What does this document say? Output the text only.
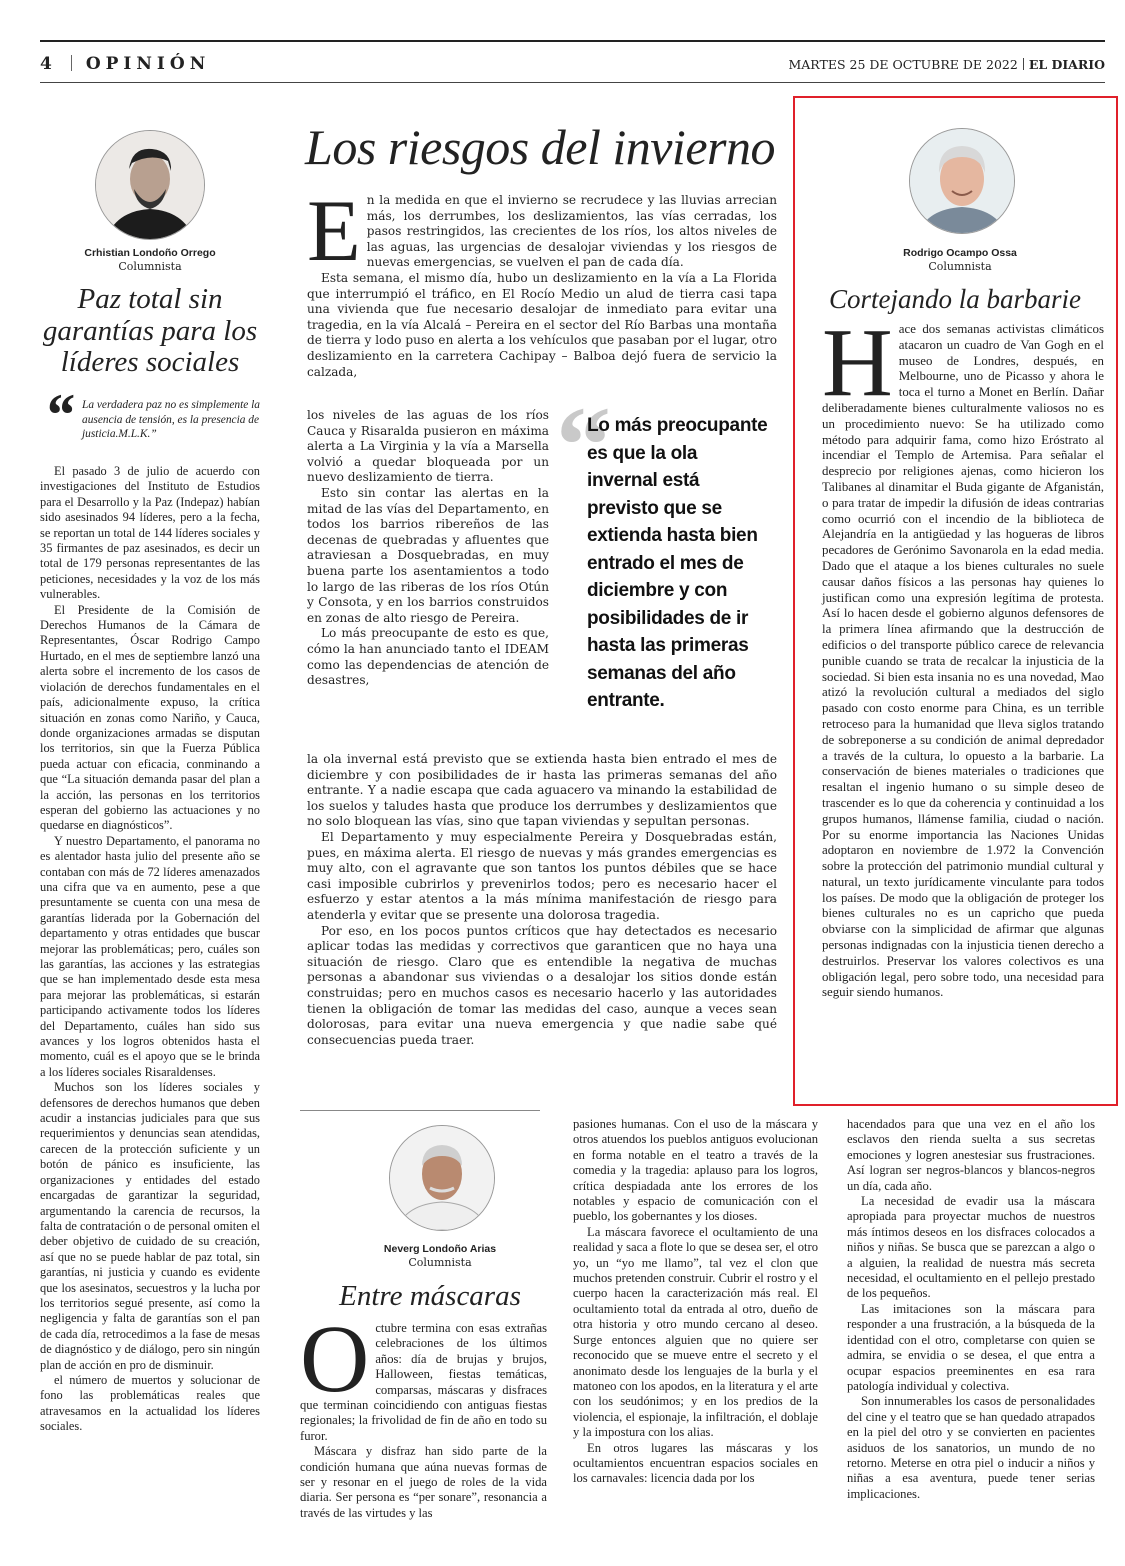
4 OPINIÓN	MARTES 25 DE OCTUBRE DE 2022 EL DIARIO
Crhistian Londoño Orrego
Columnista
Paz total sin garantías para los líderes sociales
“ La verdadera paz no es simplemente la ausencia de tensión, es la presencia de justicia.M.L.K.”

El pasado 3 de julio de acuerdo con investigaciones del Instituto de Estudios para el Desarrollo y la Paz (Indepaz) habían sido asesinados 94 líderes, pero a la fecha, se reportan un total de 144 líderes sociales y 35 firmantes de paz asesinados, es decir un total de 179 personas representantes de las peticiones, necesidades y la voz de los más vulnerables.

El Presidente de la Comisión de Derechos Humanos de la Cámara de Representantes, Óscar Rodrigo Campo Hurtado, en el mes de septiembre lanzó una alerta sobre el incremento de los casos de violación de derechos fundamentales en el país, adicionalmente expuso, la crítica situación en zonas como Nariño, y Cauca, donde organizaciones armadas se disputan los territorios, sin que la Fuerza Pública pueda actuar con eficacia, conminando a que “La situación demanda pasar del plan a la acción, las personas en los territorios esperan del gobierno las actuaciones y no quedarse en diagnósticos”.

Y nuestro Departamento, el panorama no es alentador hasta julio del presente año se contaban con más de 72 líderes amenazados una cifra que va en aumento, pese a que presuntamente se cuenta con una mesa de garantías liderada por la Gobernación del departamento y otras entidades que buscar mejorar las problemáticas; pero, cuáles son las garantías, las acciones y las estrategias que se han implementado desde esta mesa para mejorar las problemáticas, si estarán participando activamente todos los líderes del Departamento, cuáles han sido sus avances y los logros obtenidos hasta el momento, cuál es el apoyo que se le brinda a los líderes sociales Risaraldenses.

Muchos son los líderes sociales y defensores de derechos humanos que deben acudir a instancias judiciales para que sus requerimientos y denuncias sean atendidas, carecen de la protección suficiente y un botón de pánico es insuficiente, las organizaciones y entidades del estado encargadas de garantizar la seguridad, argumentando la carencia de recursos, la falta de contratación o de personal omiten el deber objetivo de cuidado de su creación, así que no se puede hablar de paz total, sin garantías, ni justicia y cuando es evidente que los asesinatos, secuestros y la lucha por los territorios segué presente, así como la negligencia y falta de garantías son el pan de cada día, retrocedimos a la fase de mesas de diagnóstico y de diálogo, pero sin ningún plan de acción en pro de disminuir.

el número de muertos y solucionar de fono las problemáticas reales que atravesamos en la actualidad los líderes sociales.

Los riesgos del invierno
E n la medida en que el invierno se recrudece y las lluvias arrecian más, los derrumbes, los deslizamientos, las vías cerradas, los pasos restringidos, las crecientes de los ríos, los altos niveles de las aguas, las urgencias de desalojar viviendas y los riesgos de nuevas emergencias, se vuelven el pan de cada día.

Esta semana, el mismo día, hubo un deslizamiento en la vía a La Florida que interrumpió el tráfico, en El Rocío Medio un alud de tierra casi tapa una vivienda que fue necesario desalojar de inmediato para evitar una tragedia, en la vía Alcalá – Pereira en el sector del Río Barbas una montaña de tierra y lodo puso en alerta a los vehículos que pasaban por el lugar, otro deslizamiento en la carretera Cachipay – Balboa dejó fuera de servicio la calzada,

los niveles de las aguas de los ríos Cauca y Risaralda pusieron en máxima alerta a La Virginia y la vía a Marsella volvió a quedar bloqueada por un nuevo deslizamiento de tierra.

Esto sin contar las alertas en la mitad de las vías del Departamento, en todos los barrios ribereños de las decenas de quebradas y afluentes que atraviesan a Dosquebradas, en muy buena parte los asentamientos a todo lo largo de las riberas de los ríos Otún y Consota, y en los barrios construidos en zonas de alto riesgo de Pereira.

Lo más preocupante de esto es que, cómo la han anunciado tanto el IDEAM como las dependencias de atención de desastres,

“
Lo más preocupante es que la ola invernal está previsto que se extienda hasta bien entrado el mes de diciembre y con posibilidades de ir hasta las primeras semanas del año entrante.

la ola invernal está previsto que se extienda hasta bien entrado el mes de diciembre y con posibilidades de ir hasta las primeras semanas del año entrante. Y a nadie escapa que cada aguacero va minando la estabilidad de los suelos y taludes hasta que produce los derrumbes y deslizamientos que no solo bloquean las vías, sino que tapan viviendas y sepultan personas.

El Departamento y muy especialmente Pereira y Dosquebradas están, pues, en máxima alerta. El riesgo de nuevas y más grandes emergencias es muy alto, con el agravante que son tantos los puntos débiles que se hace casi imposible cubrirlos y prevenirlos todos; pero es necesario hacer el esfuerzo y estar atentos a la más mínima manifestación de riesgo para atenderla y evitar que se presente una dolorosa tragedia.

Por eso, en los pocos puntos críticos que hay detectados es necesario aplicar todas las medidas y correctivos que garanticen que no haya una situación de riesgo. Claro que es entendible la negativa de muchas personas a abandonar sus viviendas o a desalojar los sitios donde están construidas; pero en muchos casos es necesario hacerlo y las autoridades tienen la obligación de tomar las medidas del caso, aunque a veces sean dolorosas, para evitar una nueva emergencia y que nadie sabe qué consecuencias pueda traer.

Rodrigo Ocampo Ossa
Columnista
Cortejando la barbarie
H ace dos semanas activistas climáticos atacaron un cuadro de Van Gogh en el museo de Londres, después, en Melbourne, uno de Picasso y ahora le toca el turno a Monet en Berlín. Dañar deliberadamente bienes culturalmente valiosos no es un procedimiento nuevo: Se ha utilizado como método para adquirir fama, como hizo Eróstrato al incendiar el Templo de Artemisa. Para señalar el desprecio por religiones ajenas, como hicieron los Talibanes al dinamitar el Buda gigante de Afganistán, o para tratar de impedir la difusión de ideas contrarias como ocurrió con el incendio de la biblioteca de Alejandría en la antigüedad y las hogueras de libros pecadores de Gerónimo Savonarola en la edad media. Dado que el ataque a los bienes culturales no suele causar daños físicos a las personas hay quienes lo justifican como una expresión legítima de protesta. Así lo hacen desde el gobierno algunos defensores de la primera línea afirmando que la destrucción de edificios o del transporte público carece de relevancia punible cuando se trata de recalcar la injusticia de la sociedad. Si bien esta insania no es una novedad, Mao atizó la revolución cultural a mediados del siglo pasado con costo enorme para China, es un terrible retroceso para la humanidad que lleva siglos tratando de sobreponerse a su condición de animal depredador a través de la cultura, lo opuesto a la barbarie. La conservación de bienes materiales o tradiciones que resaltan el ingenio humano o su simple deseo de trascender es lo que da coherencia y continuidad a los grupos humanos, llámense familia, ciudad o nación. Por su enorme importancia las Naciones Unidas adoptaron en noviembre de 1.972 la Convención sobre la protección del patrimonio mundial cultural y natural, un texto jurídicamente vinculante para todos los países. De modo que la obligación de proteger los bienes culturales no es un capricho que pueda obviarse con la simplicidad de afirmar que algunas personas indignadas con la injusticia tienen derecho a destruirlos. Preservar los valores colectivos es una obligación legal, pero sobre todo, una necesidad para seguir siendo humanos.

Neverg Londoño Arias
Columnista
Entre máscaras
O ctubre termina con esas extrañas celebraciones de los últimos años: día de brujas y brujos, Halloween, fiestas temáticas, comparsas, máscaras y disfraces que terminan coincidiendo con antiguas fiestas regionales; la frivolidad de fin de año en todo su furor.

Máscara y disfraz han sido parte de la condición humana que aúna nuevas formas de ser y resonar en el juego de roles de la vida diaria. Ser persona es “per sonare”, resonancia a través de las virtudes y las

pasiones humanas. Con el uso de la máscara y otros atuendos los pueblos antiguos evolucionan en forma notable en el teatro a través de la comedia y la tragedia: aplauso para los logros, crítica despiadada ante los errores de los notables y espacio de comunicación con el pueblo, los gobernantes y los dioses.

La máscara favorece el ocultamiento de una realidad y saca a flote lo que se desea ser, el otro yo, un “yo me llamo”, tal vez el clon que muchos pretenden construir. Cubrir el rostro y el cuerpo hacen la caracterización más real. El ocultamiento total da entrada al otro, dueño de otra historia y otro mundo cercano al deseo. Surge entonces alguien que no quiere ser reconocido que se mueve entre el secreto y el anonimato desde los lenguajes de la burla y el matoneo con los apodos, en la literatura y el arte con los seudónimos; y en los predios de la violencia, el espionaje, la infiltración, el doblaje y la impostura con los alias.

En otros lugares las máscaras y los ocultamientos encuentran espacios sociales en los carnavales: licencia dada por los

hacendados para que una vez en el año los esclavos den rienda suelta a sus secretas emociones y logren anestesiar sus frustraciones. Así logran ser negros-blancos y blancos-negros un día, cada año.

La necesidad de evadir usa la máscara apropiada para proyectar muchos de nuestros más íntimos deseos en los disfraces colocados a niños y niñas. Se busca que se parezcan a algo o a alguien, la realidad de nuestra más secreta necesidad, el ocultamiento en el pellejo prestado de los pequeños.

Las imitaciones son la máscara para responder a una frustración, a la búsqueda de la identidad con el otro, completarse con quien se admira, se envidia o se desea, el que entra a ocupar espacios preeminentes en esa rara patología individual y colectiva.

Son innumerables los casos de personalidades del cine y el teatro que se han quedado atrapados en la piel del otro y se convierten en pacientes asiduos de los sanatorios, un mundo de no retorno. Meterse en otra piel o inducir a niños y niñas a esa aventura, puede tener serias implicaciones.
